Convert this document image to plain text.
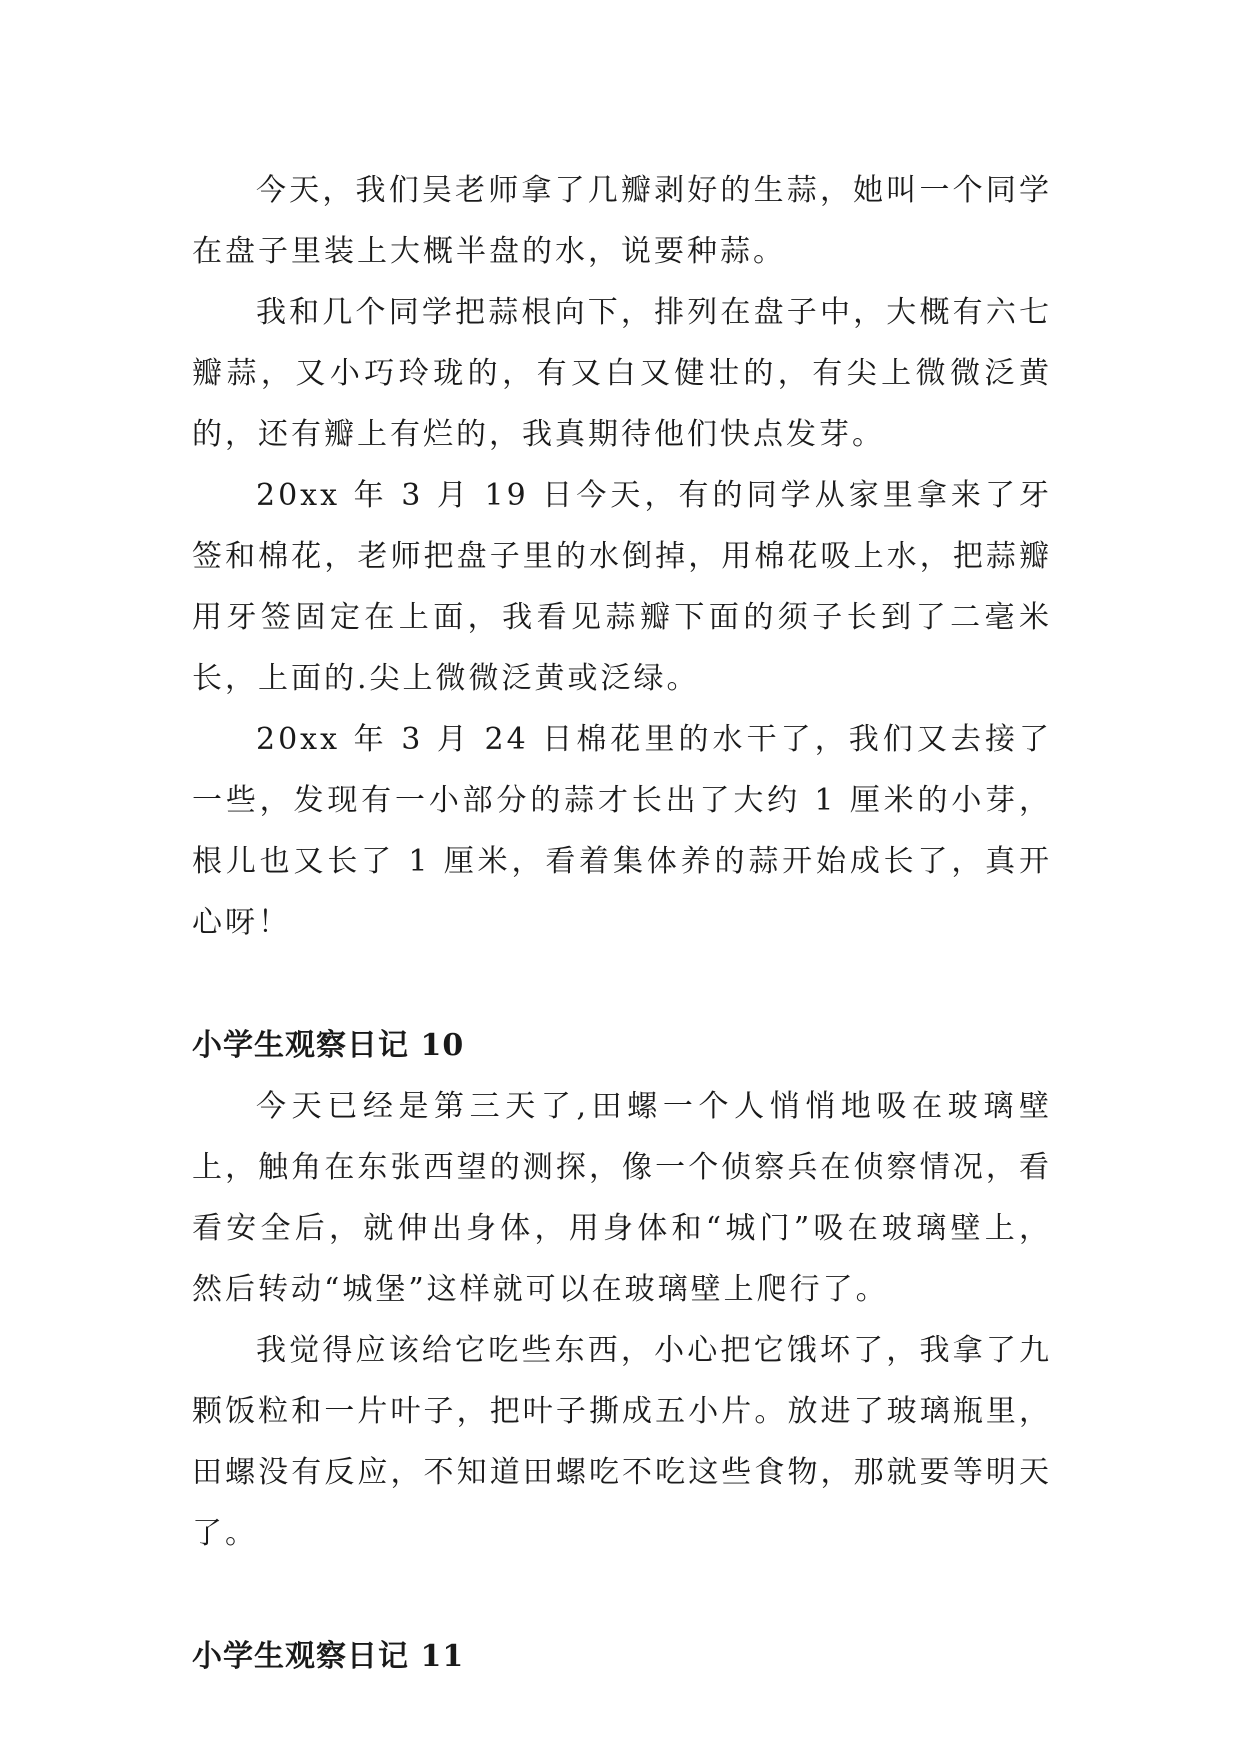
今天，我们吴老师拿了几瓣剥好的生蒜，她叫一个同学在盘子里装上大概半盘的水，说要种蒜。

我和几个同学把蒜根向下，排列在盘子中，大概有六七瓣蒜，又小巧玲珑的，有又白又健壮的，有尖上微微泛黄的，还有瓣上有烂的，我真期待他们快点发芽。

20xx 年 3 月 19 日今天，有的同学从家里拿来了牙签和棉花，老师把盘子里的水倒掉，用棉花吸上水，把蒜瓣用牙签固定在上面，我看见蒜瓣下面的须子长到了二毫米长，上面的.尖上微微泛黄或泛绿。

20xx 年 3 月 24 日棉花里的水干了，我们又去接了一些，发现有一小部分的蒜才长出了大约 1 厘米的小芽，根儿也又长了 1 厘米，看着集体养的蒜开始成长了，真开心呀！

小学生观察日记 10

今天已经是第三天了,田螺一个人悄悄地吸在玻璃壁上，触角在东张西望的测探，像一个侦察兵在侦察情况，看看安全后，就伸出身体，用身体和“城门”吸在玻璃壁上，然后转动“城堡”这样就可以在玻璃壁上爬行了。

我觉得应该给它吃些东西，小心把它饿坏了，我拿了九颗饭粒和一片叶子，把叶子撕成五小片。放进了玻璃瓶里，田螺没有反应，不知道田螺吃不吃这些食物，那就要等明天了。

小学生观察日记 11
